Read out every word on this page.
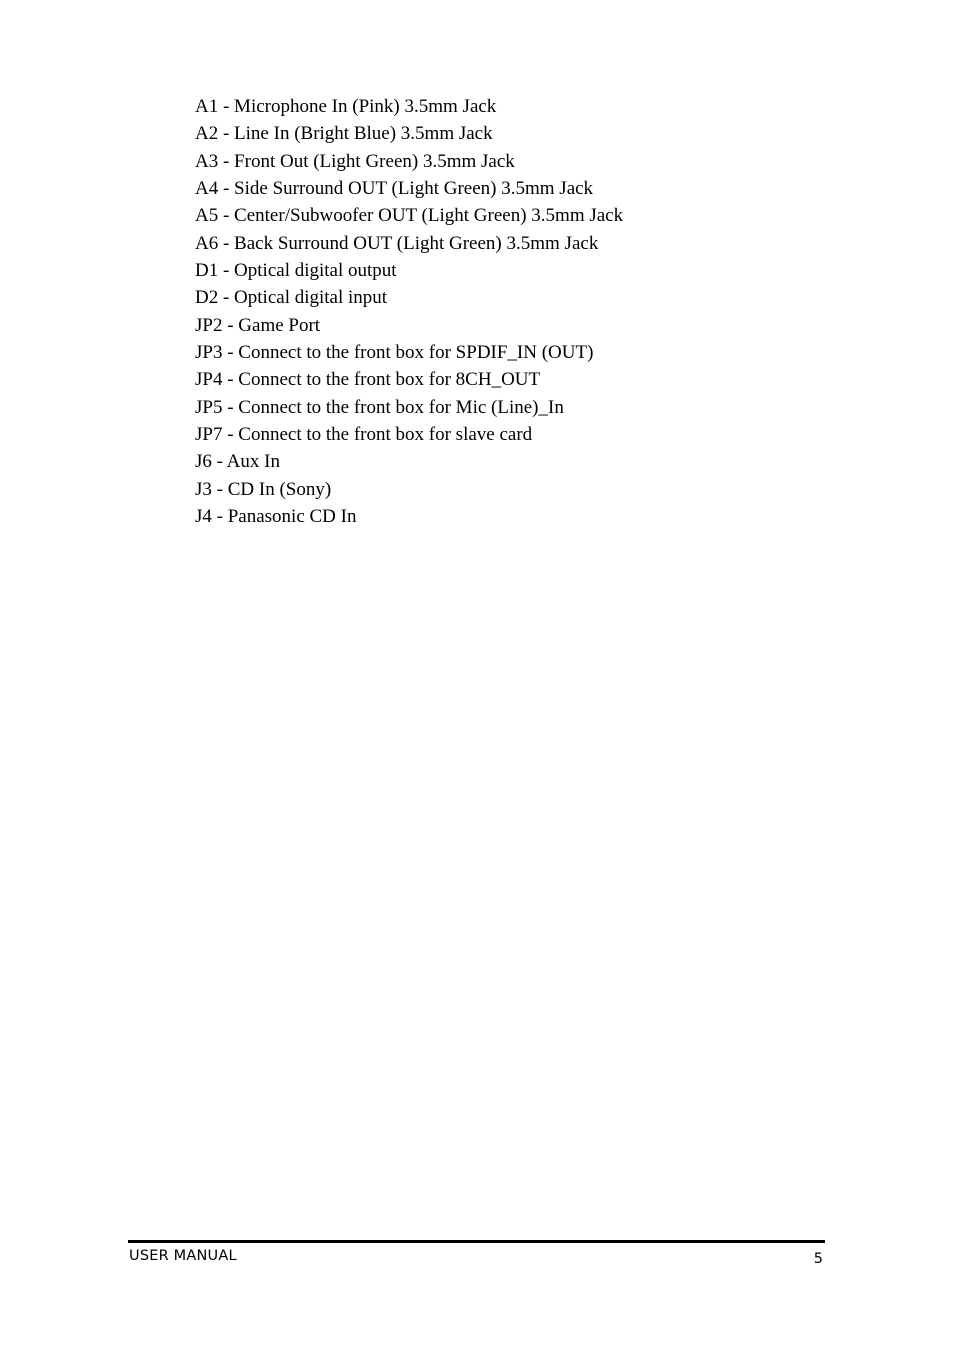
A1 - Microphone In (Pink) 3.5mm Jack
A2 - Line In (Bright Blue) 3.5mm Jack
A3 - Front Out (Light Green) 3.5mm Jack
A4 - Side Surround OUT (Light Green) 3.5mm Jack
A5 - Center/Subwoofer OUT (Light Green) 3.5mm Jack
A6 - Back Surround OUT (Light Green) 3.5mm Jack
D1 - Optical digital output
D2 - Optical digital input
JP2 - Game Port
JP3 - Connect to the front box for SPDIF_IN (OUT)
JP4 - Connect to the front box for 8CH_OUT
JP5 - Connect to the front box for Mic (Line)_In
JP7 - Connect to the front box for slave card
J6 - Aux In
J3 - CD In (Sony)
J4 - Panasonic CD In
USER MANUAL	5
